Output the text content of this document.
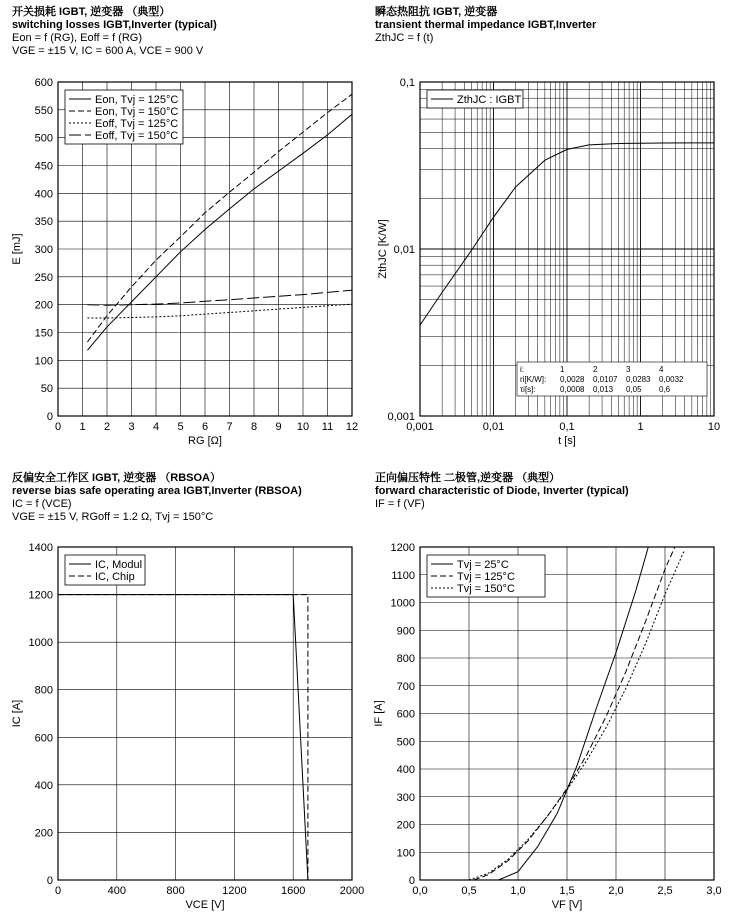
开关损耗 IGBT, 逆变器 （典型）
switching losses IGBT,Inverter (typical)
Eon = f (RG), Eoff = f (RG)
VGE = ±15 V, IC = 600 A, VCE = 900 V
瞬态热阻抗 IGBT, 逆变器
transient thermal impedance IGBT,Inverter
ZthJC = f (t)
反偏安全工作区 IGBT, 逆变器 （RBSOA）
reverse bias safe operating area IGBT,Inverter (RBSOA)
IC = f (VCE)
VGE = ±15 V, RGoff = 1.2 Ω, Tvj = 150°C
正向偏压特性 二极管,逆变器 （典型）
forward characteristic of Diode, Inverter (typical)
IF = f (VF)
0 1 2 3 4 5 6 7 8 9 10 11 12
0
50
100
150
200
250
300
350
400
450
500
550
600
RG [Ω]
E [mJ]
Eon, Tvj = 125°C
Eon, Tvj = 150°C
Eoff, Tvj = 125°C
Eoff, Tvj = 150°C
0,001	0,01	0,1	1	10
0,001
0,01
0,1
t [s]
ZthJC [K/W]
ZthJC : IGBT
i:	1	2	3	4
ri[K/W]: 0,0028 0,0107 0,0283 0,0032
τi[s]:	0,0008 0,013 0,05 0,6
0	400	800	1200	1600	2000
0
200
400
600
800
1000
1200
1400
VCE [V]
IC [A]
IC, Modul
IC, Chip
0,0	0,5	1,0	1,5	2,0	2,5	3,0
0
100
200
300
400
500
600
700
800
900
1000
1100
1200
VF [V]
IF [A]
Tvj = 25°C
Tvj = 125°C
Tvj = 150°C
